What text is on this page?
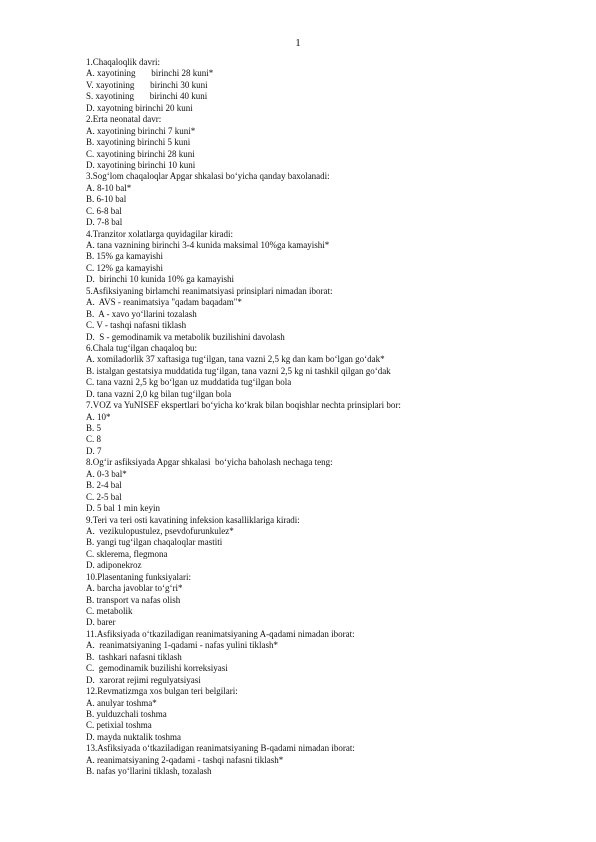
1
1.Chaqaloqlik davri:
A. xayotining       birinchi 28 kuni*
V. xayotining       birinchi 30 kuni
S. xayotining       birinchi 40 kuni
D. xayotning birinchi 20 kuni
2.Erta neonatal davr:
A. xayotining birinchi 7 kuni*
B. xayotining birinchi 5 kuni
C. xayotining birinchi 28 kuni
D. xayotining birinchi 10 kuni
3.Sog‘lom chaqaloqlar Apgar shkalasi bo‘yicha qanday baxolanadi:
A. 8-10 bal*
B. 6-10 bal
C. 6-8 bal
D. 7-8 bal
4.Tranzitor xolatlarga quyidagilar kiradi:
A. tana vaznining birinchi 3-4 kunida maksimal 10%ga kamayishi*
B. 15% ga kamayishi
C. 12% ga kamayishi
D.  birinchi 10 kunida 10% ga kamayishi
5.Asfiksiyaning birlamchi reanimatsiyasi prinsiplari nimadan iborat:
A.  AVS - reanimatsiya "qadam baqadam"*
B.  A - xavo yo‘llarini tozalash
C. V - tashqi nafasni tiklash
D.  S - gemodinamik va metabolik buzilishini davolash
6.Chala tug‘ilgan chaqaloq bu:
A. xomiladorlik 37 xaftasiga tug‘ilgan, tana vazni 2,5 kg dan kam bo‘lgan go‘dak*
B. istalgan gestatsiya muddatida tug‘ilgan, tana vazni 2,5 kg ni tashkil qilgan go‘dak
C. tana vazni 2,5 kg bo‘lgan uz muddatida tug‘ilgan bola
D. tana vazni 2,0 kg bilan tug‘ilgan bola
7.VOZ va YuNISEF ekspertlari bo‘yicha ko‘krak bilan boqishlar nechta prinsiplari bor:
A. 10*
B. 5
C. 8
D. 7
8.Og‘ir asfiksiyada Apgar shkalasi  bo‘yicha baholash nechaga teng:
A. 0-3 bal*
B. 2-4 bal
C. 2-5 bal
D. 5 bal 1 min keyin
9.Teri va teri osti kavatining infeksion kasalliklariga kiradi:
A.  vezikulopustulez, psevdofurunkulez*
B. yangi tug‘ilgan chaqaloqlar mastiti
C. sklerema, flegmona
D. adiponekroz
10.Plasentaning funksiyalari:
A. barcha javoblar to‘g‘ri*
B. transport va nafas olish
C. metabolik
D. barer
11.Asfiksiyada o‘tkaziladigan reanimatsiyaning A-qadami nimadan iborat:
A.  reanimatsiyaning 1-qadami - nafas yulini tiklash*
B.  tashkari nafasni tiklash
C.  gemodinamik buzilishi korreksiyasi
D.  xarorat rejimi regulyatsiyasi
12.Revmatizmga xos bulgan teri belgilari:
A. anulyar toshma*
B. yulduzchali toshma
C. petixial toshma
D. mayda nuktalik toshma
13.Asfiksiyada o‘tkaziladigan reanimatsiyaning B-qadami nimadan iborat:
A. reanimatsiyaning 2-qadami - tashqi nafasni tiklash*
B. nafas yo‘llarini tiklash, tozalash
